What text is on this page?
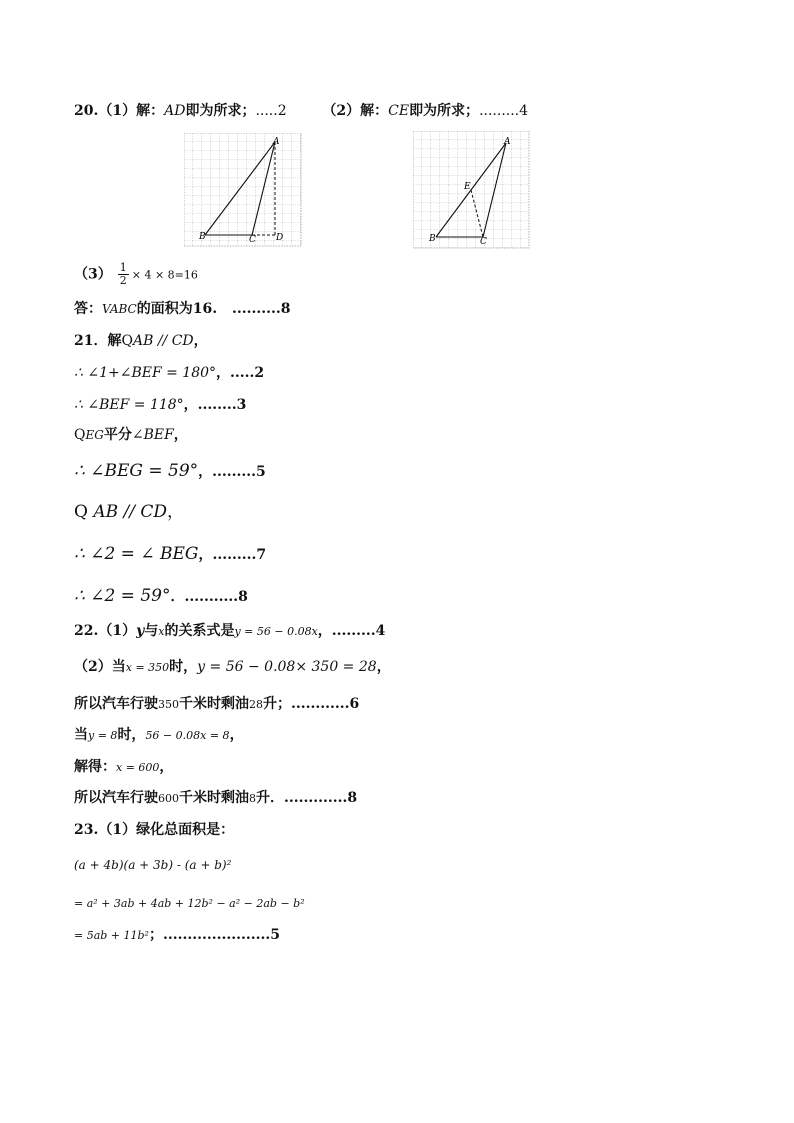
20.（1）解：AD即为所求；.....2	（2）解：CE即为所求；.........4
A
B	C D
A
B	C
E
$(3) \frac{1}{2} \times 4 \times 8=16$
答：VABC的面积为16. ..........8
21．解QAB // CD，
∴ ∠1+∠BEF = 180°，.....2
∴ ∠BEF = 118°，........3
QEG平分∠BEF，
∴ ∠BEG = 59°，.........5
Q AB // CD，
∴ ∠2 = ∠ BEG，.........7
∴ ∠2 = 59°．...........8
22.（1）y与x的关系式是y = 56 − 0.08x，.........4
（2）当x = 350时，y = 56 − 0.08× 350 = 28，
所以汽车行驶350千米时剩油28升；............6
当y = 8时，56 − 0.08x = 8，
解得：x = 600，
所以汽车行驶600千米时剩油8升．.............8
23.（1）绿化总面积是：
(a + 4b)(a + 3b) - (a + b)²
= a² + 3ab + 4ab + 12b² − a² − 2ab − b²
= 5ab + 11b²；......................5
